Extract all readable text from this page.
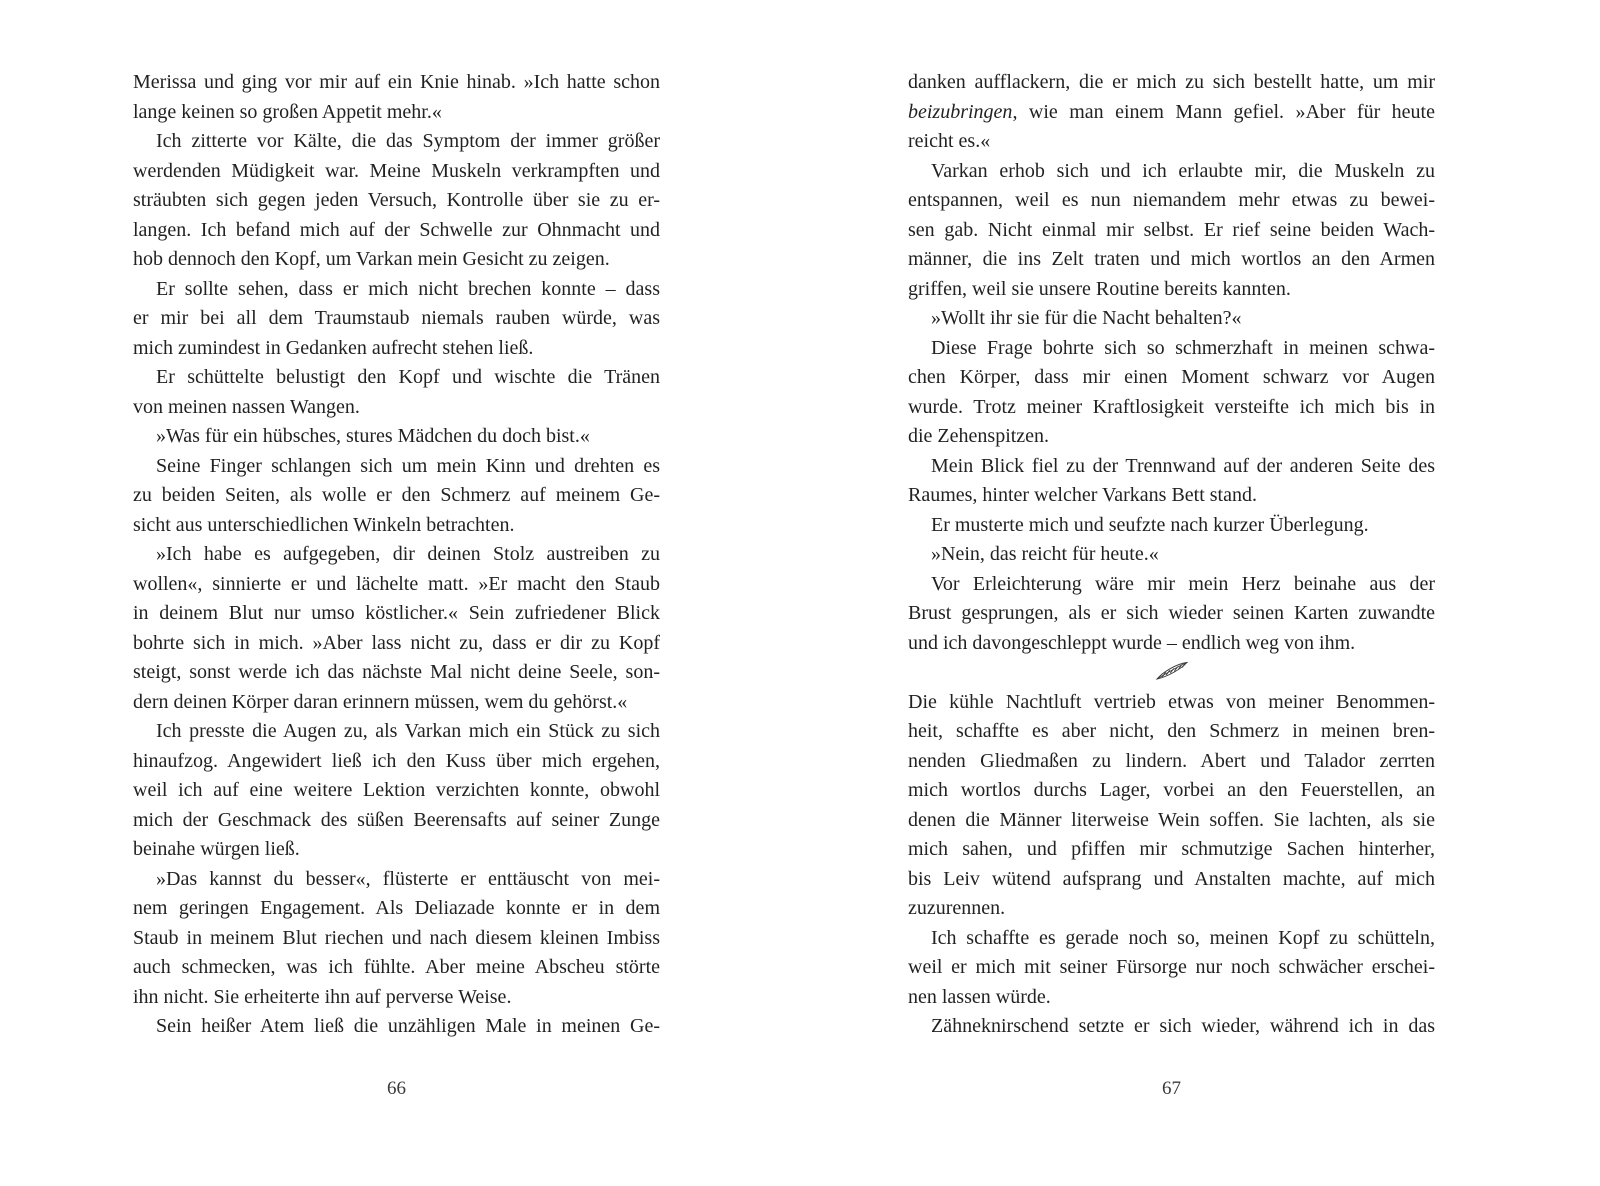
Merissa und ging vor mir auf ein Knie hinab. »Ich hatte schon
lange keinen so großen Appetit mehr.«
Ich zitterte vor Kälte, die das Symptom der immer größer
werdenden Müdigkeit war. Meine Muskeln verkrampften und
sträubten sich gegen jeden Versuch, Kontrolle über sie zu er-
langen. Ich befand mich auf der Schwelle zur Ohnmacht und
hob dennoch den Kopf, um Varkan mein Gesicht zu zeigen.
Er sollte sehen, dass er mich nicht brechen konnte – dass
er mir bei all dem Traumstaub niemals rauben würde, was
mich zumindest in Gedanken aufrecht stehen ließ.
Er schüttelte belustigt den Kopf und wischte die Tränen
von meinen nassen Wangen.
»Was für ein hübsches, stures Mädchen du doch bist.«
Seine Finger schlangen sich um mein Kinn und drehten es
zu beiden Seiten, als wolle er den Schmerz auf meinem Ge-
sicht aus unterschiedlichen Winkeln betrachten.
»Ich habe es aufgegeben, dir deinen Stolz austreiben zu
wollen«, sinnierte er und lächelte matt. »Er macht den Staub
in deinem Blut nur umso köstlicher.« Sein zufriedener Blick
bohrte sich in mich. »Aber lass nicht zu, dass er dir zu Kopf
steigt, sonst werde ich das nächste Mal nicht deine Seele, son-
dern deinen Körper daran erinnern müssen, wem du gehörst.«
Ich presste die Augen zu, als Varkan mich ein Stück zu sich
hinaufzog. Angewidert ließ ich den Kuss über mich ergehen,
weil ich auf eine weitere Lektion verzichten konnte, obwohl
mich der Geschmack des süßen Beerensafts auf seiner Zunge
beinahe würgen ließ.
»Das kannst du besser«, flüsterte er enttäuscht von mei-
nem geringen Engagement. Als Deliazade konnte er in dem
Staub in meinem Blut riechen und nach diesem kleinen Imbiss
auch schmecken, was ich fühlte. Aber meine Abscheu störte
ihn nicht. Sie erheiterte ihn auf perverse Weise.
Sein heißer Atem ließ die unzähligen Male in meinen Ge-
66
danken aufflackern, die er mich zu sich bestellt hatte, um mir
beizubringen, wie man einem Mann gefiel. »Aber für heute
reicht es.«
Varkan erhob sich und ich erlaubte mir, die Muskeln zu
entspannen, weil es nun niemandem mehr etwas zu bewei-
sen gab. Nicht einmal mir selbst. Er rief seine beiden Wach-
männer, die ins Zelt traten und mich wortlos an den Armen
griffen, weil sie unsere Routine bereits kannten.
»Wollt ihr sie für die Nacht behalten?«
Diese Frage bohrte sich so schmerzhaft in meinen schwa-
chen Körper, dass mir einen Moment schwarz vor Augen
wurde. Trotz meiner Kraftlosigkeit versteifte ich mich bis in
die Zehenspitzen.
Mein Blick fiel zu der Trennwand auf der anderen Seite des
Raumes, hinter welcher Varkans Bett stand.
Er musterte mich und seufzte nach kurzer Überlegung.
»Nein, das reicht für heute.«
Vor Erleichterung wäre mir mein Herz beinahe aus der
Brust gesprungen, als er sich wieder seinen Karten zuwandte
und ich davongeschleppt wurde – endlich weg von ihm.
Die kühle Nachtluft vertrieb etwas von meiner Benommen-
heit, schaffte es aber nicht, den Schmerz in meinen bren-
nenden Gliedmaßen zu lindern. Abert und Talador zerrten
mich wortlos durchs Lager, vorbei an den Feuerstellen, an
denen die Männer literweise Wein soffen. Sie lachten, als sie
mich sahen, und pfiffen mir schmutzige Sachen hinterher,
bis Leiv wütend aufsprang und Anstalten machte, auf mich
zuzurennen.
Ich schaffte es gerade noch so, meinen Kopf zu schütteln,
weil er mich mit seiner Fürsorge nur noch schwächer erschei-
nen lassen würde.
Zähneknirschend setzte er sich wieder, während ich in das
67
